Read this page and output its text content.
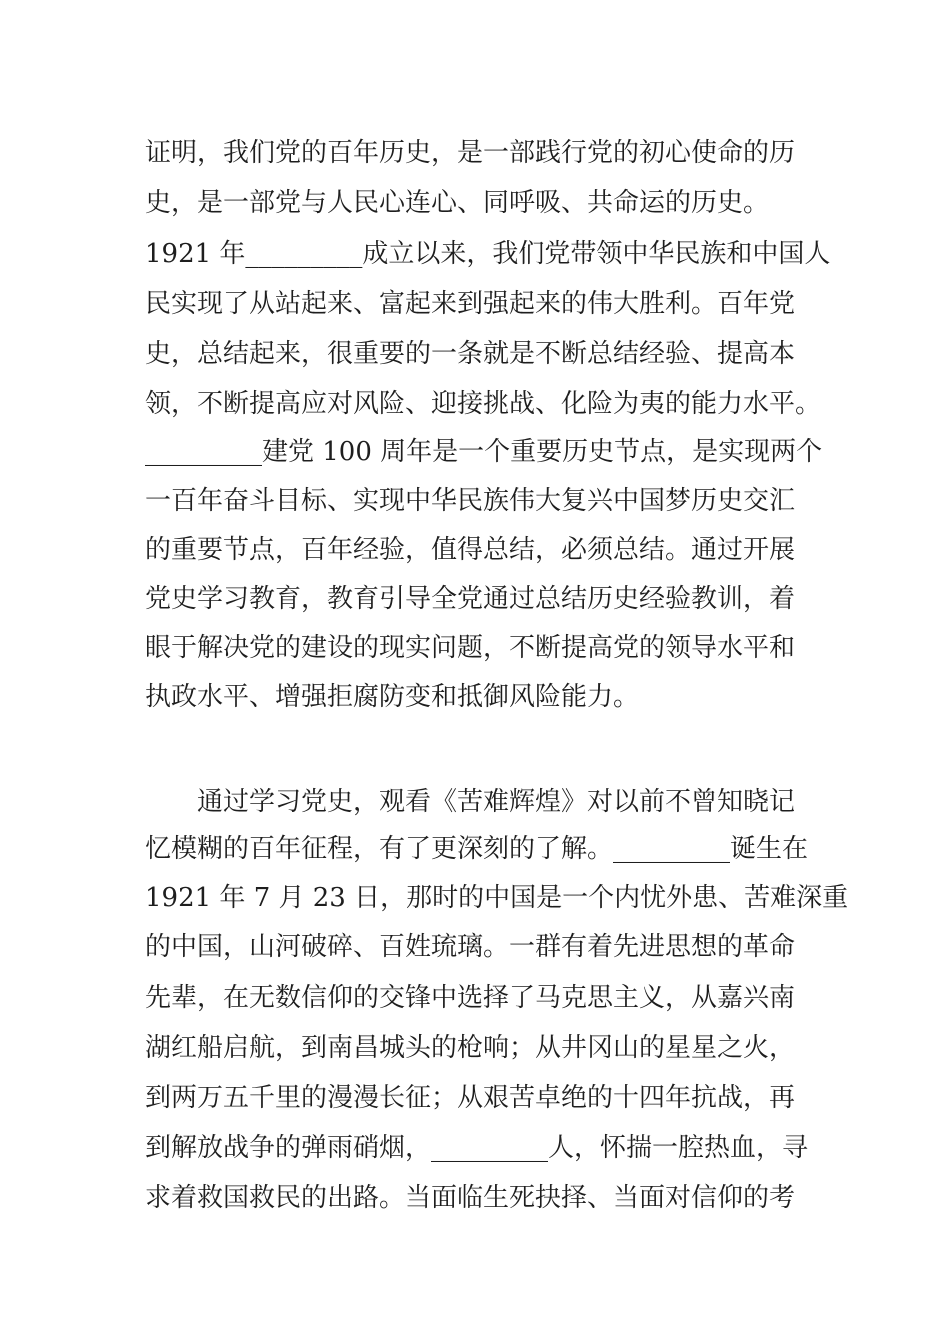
证明，我们党的百年历史，是一部践行党的初心使命的历
史，是一部党与人民心连心、同呼吸、共命运的历史。
1921 年_________成立以来，我们党带领中华民族和中国人
民实现了从站起来、富起来到强起来的伟大胜利。百年党
史，总结起来，很重要的一条就是不断总结经验、提高本
领，不断提高应对风险、迎接挑战、化险为夷的能力水平。
_________建党 100 周年是一个重要历史节点，是实现两个
一百年奋斗目标、实现中华民族伟大复兴中国梦历史交汇
的重要节点，百年经验，值得总结，必须总结。通过开展
党史学习教育，教育引导全党通过总结历史经验教训，着
眼于解决党的建设的现实问题，不断提高党的领导水平和
执政水平、增强拒腐防变和抵御风险能力。
　　通过学习党史，观看《苦难辉煌》对以前不曾知晓记
忆模糊的百年征程，有了更深刻的了解。_________诞生在
1921 年 7 月 23 日，那时的中国是一个内忧外患、苦难深重
的中国，山河破碎、百姓琉璃。一群有着先进思想的革命
先辈，在无数信仰的交锋中选择了马克思主义，从嘉兴南
湖红船启航，到南昌城头的枪响；从井冈山的星星之火，
到两万五千里的漫漫长征；从艰苦卓绝的十四年抗战，再
到解放战争的弹雨硝烟，_________人，怀揣一腔热血，寻
求着救国救民的出路。当面临生死抉择、当面对信仰的考
